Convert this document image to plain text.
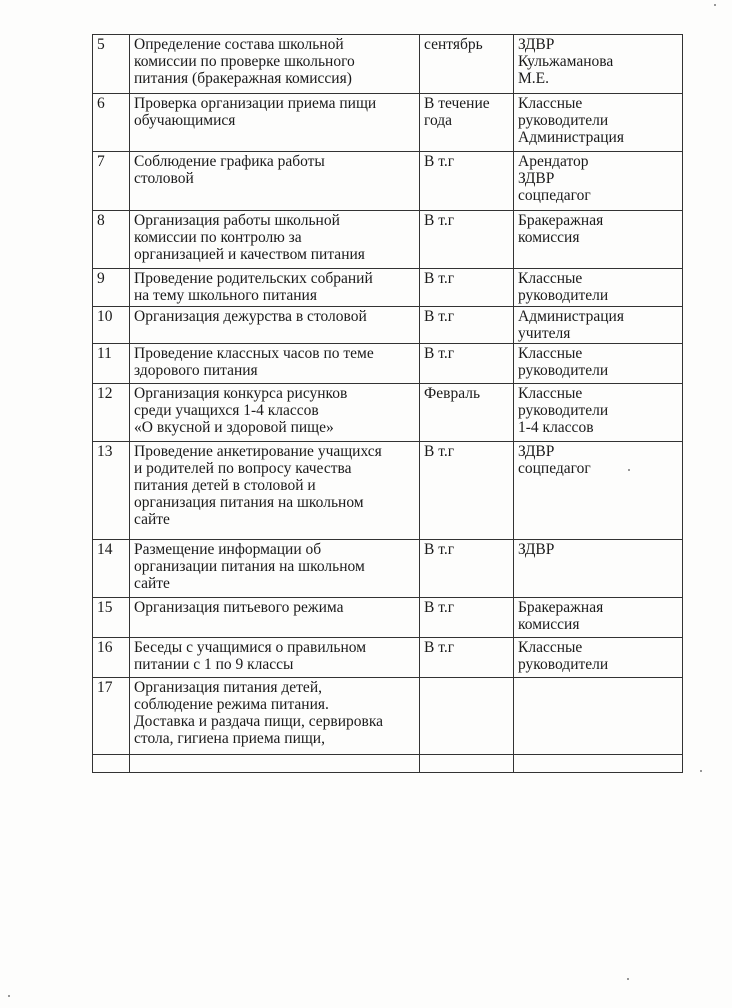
5	Определение состава школьной
комиссии по проверке школьного
питания (бракеражная комиссия)	сентябрь	ЗДВР
Кульжаманова
М.Е.
6	Проверка организации приема пищи
обучающимися	В течение
года	Классные
руководители
Администрация
7	Соблюдение графика работы
столовой	В т.г	Арендатор
ЗДВР
соцпедагог
8	Организация работы школьной
комиссии по контролю за
организацией и качеством питания	В т.г	Бракеражная
комиссия
9	Проведение родительских собраний
на тему школьного питания	В т.г	Классные
руководители
10	Организация дежурства в столовой	В т.г	Администрация
учителя
11	Проведение классных часов по теме
здорового питания	В т.г	Классные
руководители
12	Организация конкурса рисунков
среди учащихся 1-4 классов
«О вкусной и здоровой пище»	Февраль	Классные
руководители
1-4 классов
13	Проведение анкетирование учащихся
и родителей по вопросу качества
питания детей в столовой и
организация питания на школьном
сайте	В т.г	ЗДВР
соцпедагог
14	Размещение информации об
организации питания на школьном
сайте	В т.г	ЗДВР
15	Организация питьевого режима	В т.г	Бракеражная
комиссия
16	Беседы с учащимися о правильном
питании с 1 по 9 классы	В т.г	Классные
руководители
17	Организация питания детей,
соблюдение режима питания.
Доставка и раздача пищи, сервировка
стола, гигиена приема пищи,		
